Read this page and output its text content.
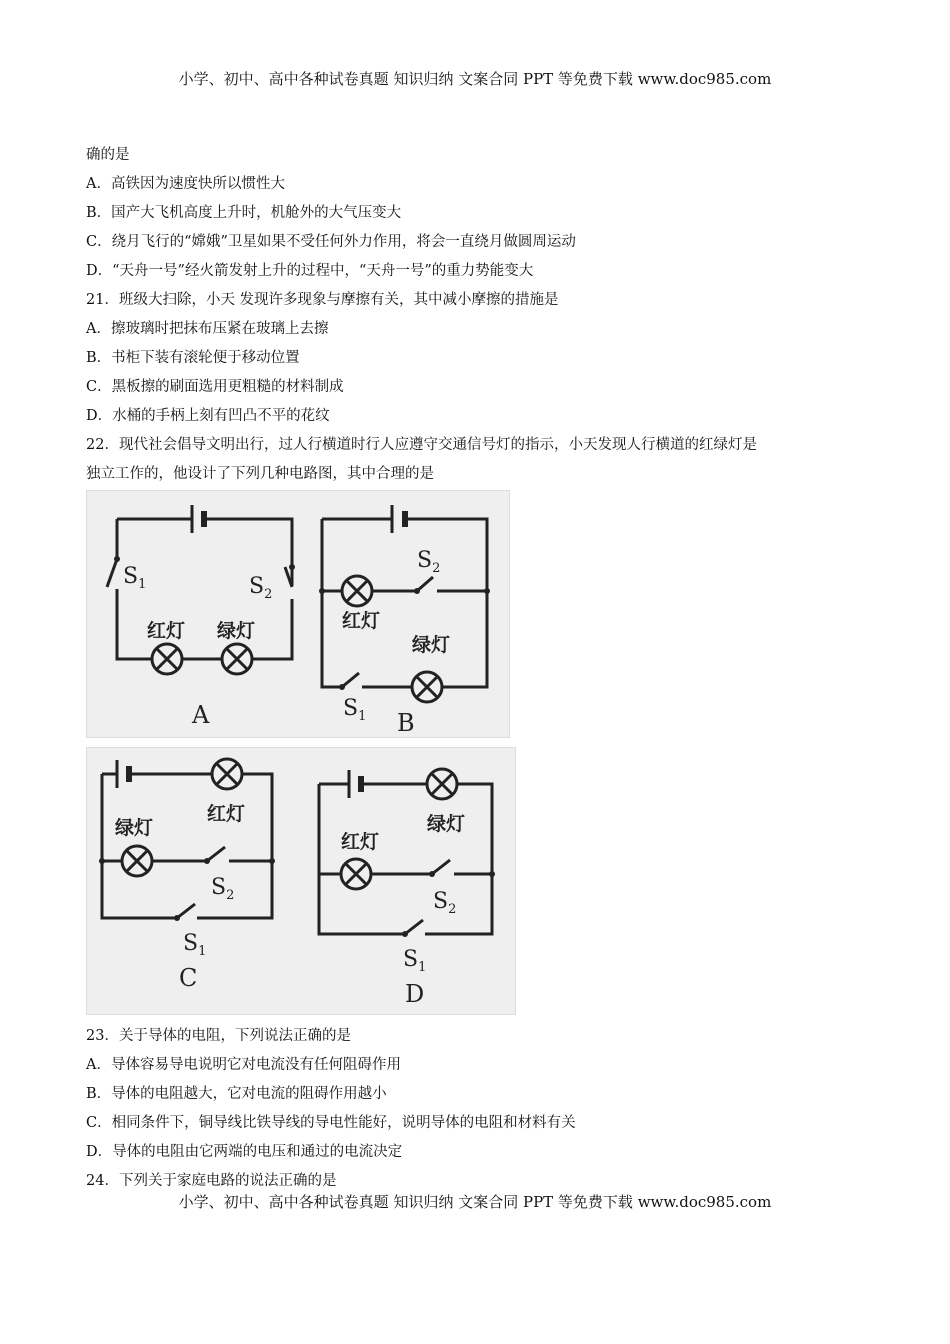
小学、初中、高中各种试卷真题 知识归纳 文案合同 PPT 等免费下载 www.doc985.com
确的是
A．高铁因为速度快所以惯性大
B．国产大飞机高度上升时，机舱外的大气压变大
C．绕月飞行的“嫦娥”卫星如果不受任何外力作用，将会一直绕月做圆周运动
D．“天舟一号”经火箭发射上升的过程中，“天舟一号”的重力势能变大
21．班级大扫除，小天 发现许多现象与摩擦有关，其中减小摩擦的措施是
A．擦玻璃时把抹布压紧在玻璃上去擦
B．书柜下装有滚轮便于移动位置
C．黑板擦的刷面选用更粗糙的材料制成
D．水桶的手柄上刻有凹凸不平的花纹
22．现代社会倡导文明出行，过人行横道时行人应遵守交通信号灯的指示，小天发现人行横道的红绿灯是
独立工作的，他设计了下列几种电路图，其中合理的是
红灯 绿灯
$S_1$	$S_2$
A
红灯
绿灯
$S_2$
$S_1$ B
绿灯
红灯
$S_2$
$S_1$
C
红灯
绿灯
$S_2$
$S_1$
D
23．关于导体的电阻，下列说法正确的是
A．导体容易导电说明它对电流没有任何阻碍作用
B．导体的电阻越大，它对电流的阻碍作用越小
C．相同条件下，铜导线比铁导线的导电性能好，说明导体的电阻和材料有关
D．导体的电阻由它两端的电压和通过的电流决定
24．下列关于家庭电路的说法正确的是
小学、初中、高中各种试卷真题 知识归纳 文案合同 PPT 等免费下载 www.doc985.com
